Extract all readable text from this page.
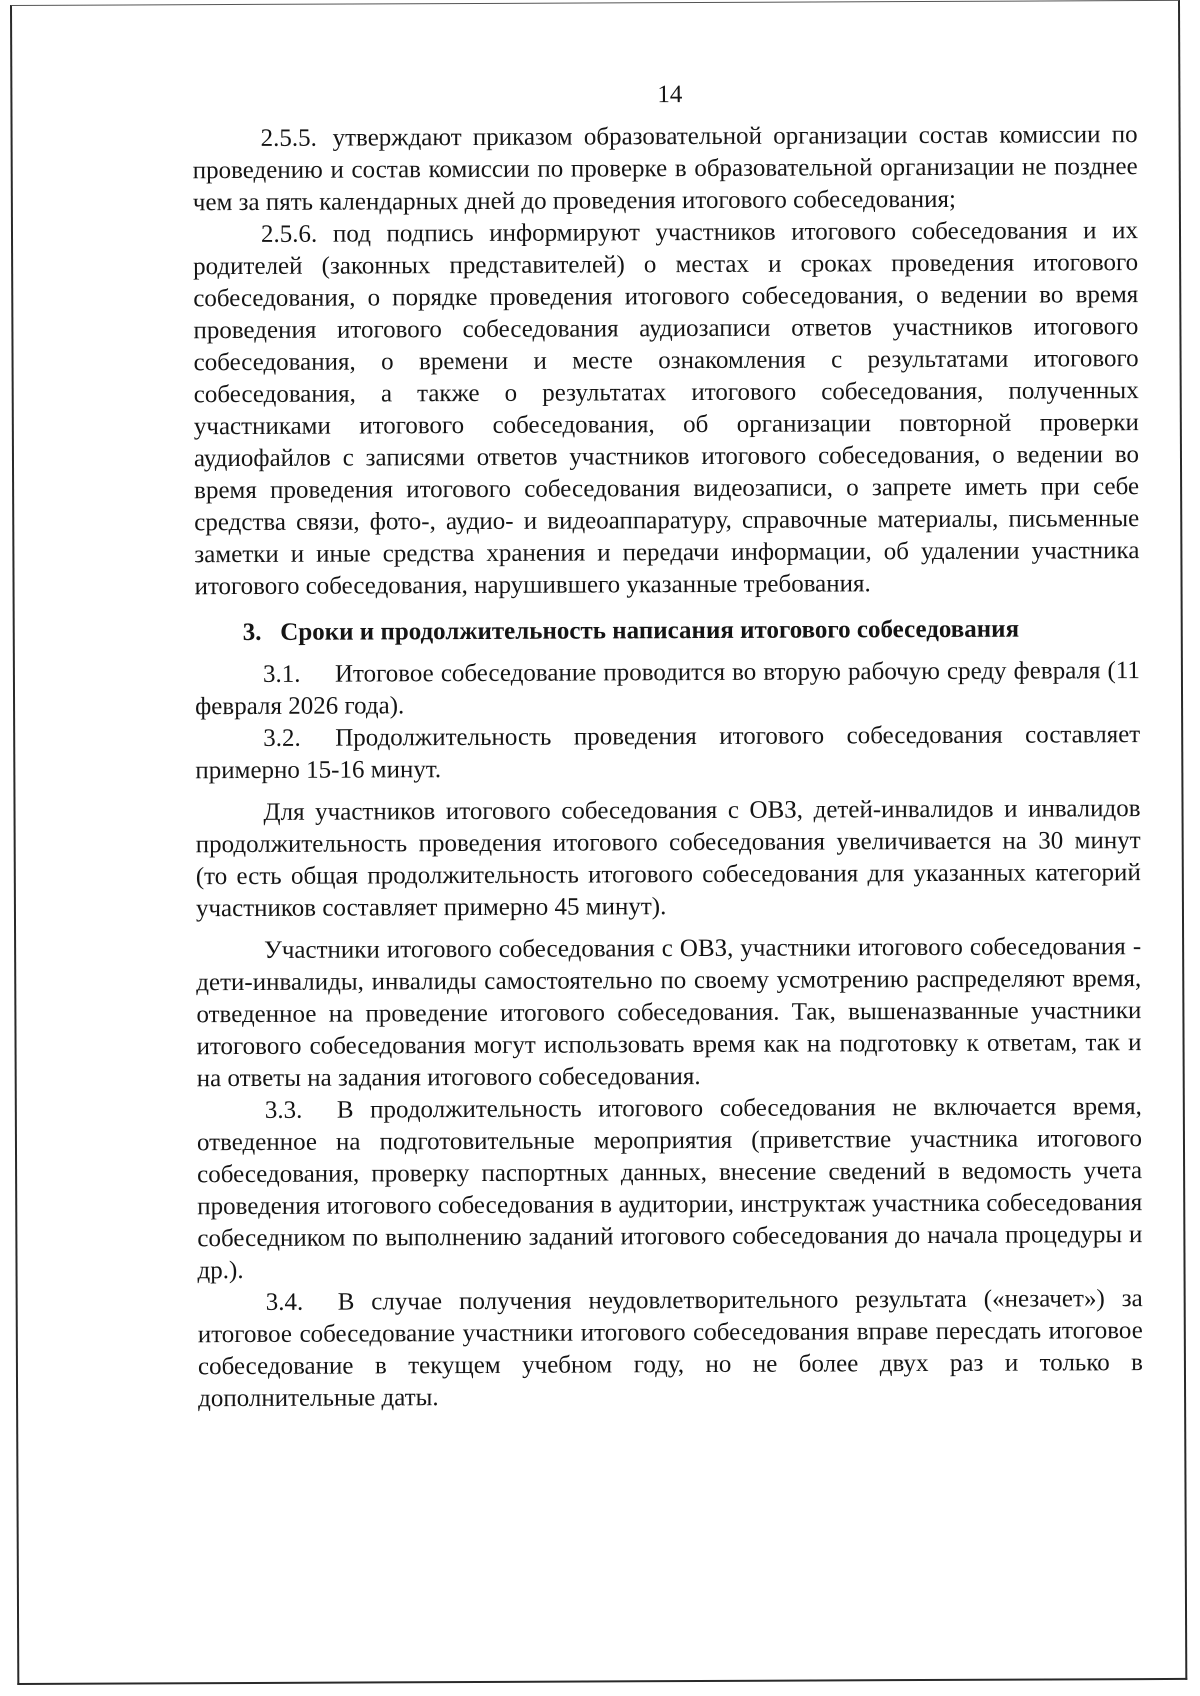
14

2.5.5. утверждают приказом образовательной организации состав комиссии по проведению и состав комиссии по проверке в образовательной организации не позднее чем за пять календарных дней до проведения итогового собеседования;

2.5.6. под подпись информируют участников итогового собеседования и их родителей (законных представителей) о местах и сроках проведения итогового собеседования, о порядке проведения итогового собеседования, о ведении во время проведения итогового собеседования аудиозаписи ответов участников итогового собеседования, о времени и месте ознакомления с результатами итогового собеседования, а также о результатах итогового собеседования, полученных участниками итогового собеседования, об организации повторной проверки аудиофайлов с записями ответов участников итогового собеседования, о ведении во время проведения итогового собеседования видеозаписи, о запрете иметь при себе средства связи, фото-, аудио- и видеоаппаратуру, справочные материалы, письменные заметки и иные средства хранения и передачи информации, об удалении участника итогового собеседования, нарушившего указанные требования.

3.   Сроки и продолжительность написания итогового собеседования

3.1. Итоговое собеседование проводится во вторую рабочую среду февраля (11 февраля 2026 года).

3.2. Продолжительность проведения итогового собеседования составляет примерно 15-16 минут.

Для участников итогового собеседования с ОВЗ, детей-инвалидов и инвалидов продолжительность проведения итогового собеседования увеличивается на 30 минут (то есть общая продолжительность итогового собеседования для указанных категорий участников составляет примерно 45 минут).

Участники итогового собеседования с ОВЗ, участники итогового собеседования - дети-инвалиды, инвалиды самостоятельно по своему усмотрению распределяют время, отведенное на проведение итогового собеседования. Так, вышеназванные участники итогового собеседования могут использовать время как на подготовку к ответам, так и на ответы на задания итогового собеседования.

3.3. В продолжительность итогового собеседования не включается время, отведенное на подготовительные мероприятия (приветствие участника итогового собеседования, проверку паспортных данных, внесение сведений в ведомость учета проведения итогового собеседования в аудитории, инструктаж участника собеседования собеседником по выполнению заданий итогового собеседования до начала процедуры и др.).

3.4. В случае получения неудовлетворительного результата («незачет») за итоговое собеседование участники итогового собеседования вправе пересдать итоговое собеседование в текущем учебном году, но не более двух раз и только в дополнительные даты.
